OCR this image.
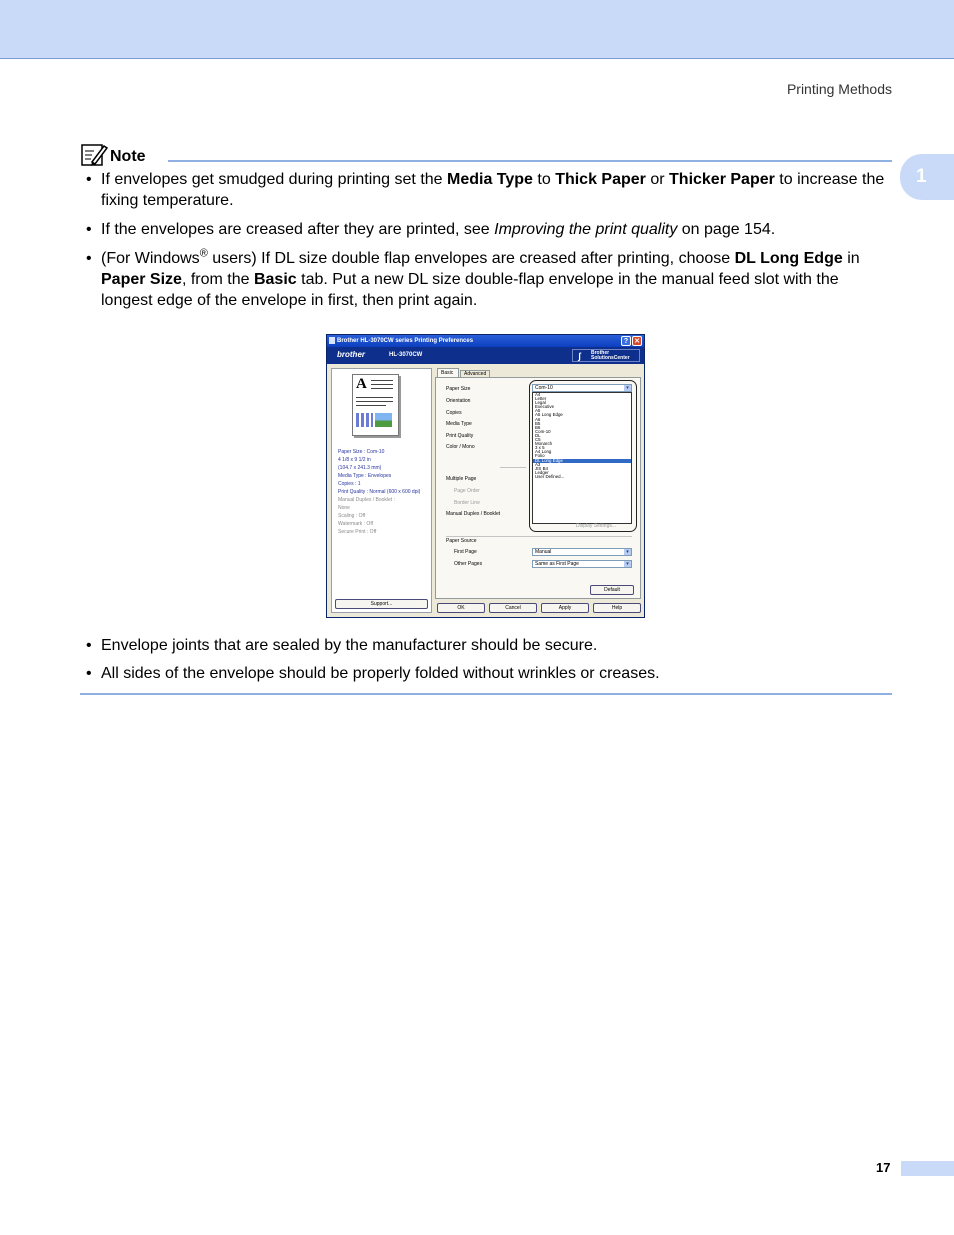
Printing Methods
1
Note
• If envelopes get smudged during printing set the Media Type to Thick Paper or Thicker Paper to increase the fixing temperature.
• If the envelopes are creased after they are printed, see Improving the print quality on page 154.
• (For Windows® users) If DL size double flap envelopes are creased after printing, choose DL Long Edge in Paper Size, from the Basic tab. Put a new DL size double-flap envelope in the manual feed slot with the longest edge of the envelope in first, then print again.
Brother HL-3070CW series Printing Preferences	? ✕
brother	HL-3070CW	ʃ Brother
SolutionsCenter
A
Paper Size : Com-10
4 1/8 x 9 1/2 in
(104.7 x 241.3 mm)
Media Type : Envelopes
Copies : 1
Print Quality : Normal (600 x 600 dpi)
Manual Duplex / Booklet :
None
Scaling : Off
Watermark : Off
Secure Print : Off
Support...
Basic	Advanced
Paper Size
Orientation
Copies
Media Type
Print Quality
Color / Mono
Multiple Page
Page Order
Border Line
Manual Duplex / Booklet
Paper Source
First Page
Other Pages
Com-10	▾
A4
Letter
Legal
Executive
A5
A5 Long Edge
A6
B5
B6
Com-10
DL
C5
Monarch
3 x 5
A4 Long
Folio
DL Long Edge
A3
JIS B4
Ledger
User Defined...
Display Settings...
Manual	▾
Same as First Page	▾
Default
OK	Cancel	Apply	Help
• Envelope joints that are sealed by the manufacturer should be secure.
• All sides of the envelope should be properly folded without wrinkles or creases.
17
